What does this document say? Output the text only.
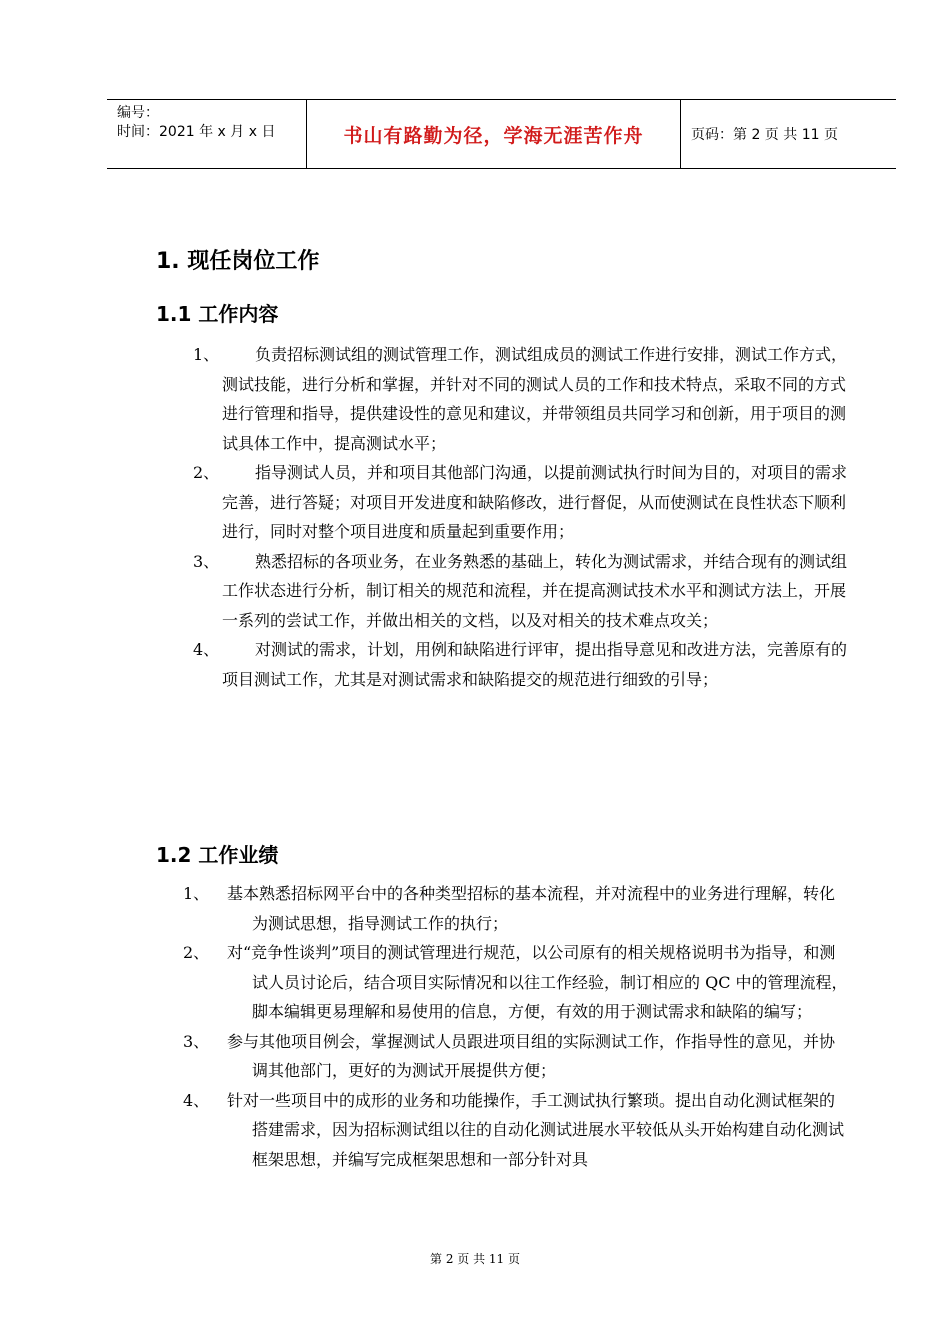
编号：
时间：2021 年 x 月 x 日	书山有路勤为径，学海无涯苦作舟	页码：第 2 页 共 11 页
1. 现任岗位工作
1.1 工作内容
1、	负责招标测试组的测试管理工作，测试组成员的测试工作进行安排，测试工作方式，测试技能，进行分析和掌握，并针对不同的测试人员的工作和技术特点，采取不同的方式进行管理和指导，提供建设性的意见和建议，并带领组员共同学习和创新，用于项目的测试具体工作中，提高测试水平；
2、	指导测试人员，并和项目其他部门沟通，以提前测试执行时间为目的，对项目的需求完善，进行答疑；对项目开发进度和缺陷修改，进行督促，从而使测试在良性状态下顺利进行，同时对整个项目进度和质量起到重要作用；
3、	熟悉招标的各项业务，在业务熟悉的基础上，转化为测试需求，并结合现有的测试组工作状态进行分析，制订相关的规范和流程，并在提高测试技术水平和测试方法上，开展一系列的尝试工作，并做出相关的文档，以及对相关的技术难点攻关；
4、	对测试的需求，计划，用例和缺陷进行评审，提出指导意见和改进方法，完善原有的项目测试工作，尤其是对测试需求和缺陷提交的规范进行细致的引导；
1.2 工作业绩
1、 基本熟悉招标网平台中的各种类型招标的基本流程，并对流程中的业务进行理解，转化为测试思想，指导测试工作的执行；
2、 对“竞争性谈判”项目的测试管理进行规范，以公司原有的相关规格说明书为指导，和测试人员讨论后，结合项目实际情况和以往工作经验，制订相应的 QC 中的管理流程，脚本编辑更易理解和易使用的信息，方便，有效的用于测试需求和缺陷的编写；
3、 参与其他项目例会，掌握测试人员跟进项目组的实际测试工作，作指导性的意见，并协调其他部门，更好的为测试开展提供方便；
4、 针对一些项目中的成形的业务和功能操作，手工测试执行繁琐。提出自动化测试框架的搭建需求，因为招标测试组以往的自动化测试进展水平较低从头开始构建自动化测试框架思想，并编写完成框架思想和一部分针对具
第 2 页 共 11 页
